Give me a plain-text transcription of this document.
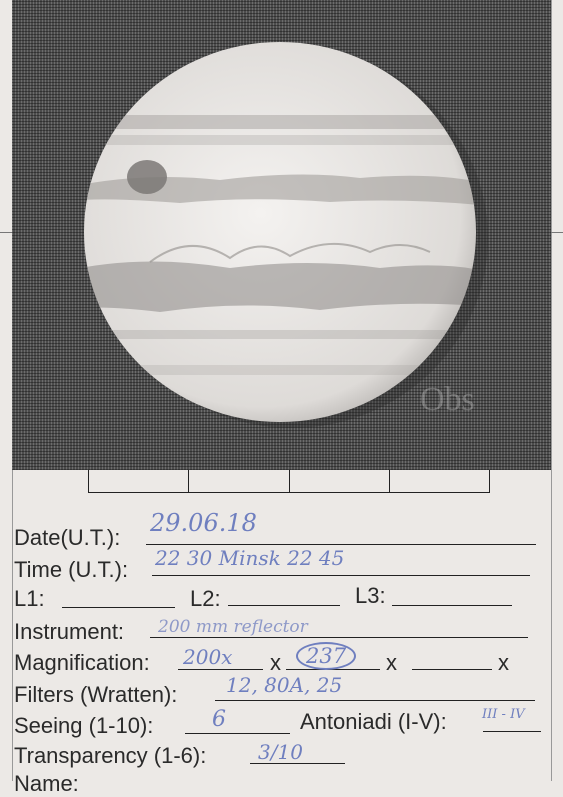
Obs
Date(U.T.):
29.06.18
Time (U.T.): 22 30 Minsk 22 45
L1:	L2:	L3:
Instrument: 200 mm reflector
Magnification: 200x x	237	x	x
Filters (Wratten): 12, 80A, 25
Seeing (1-10):	6	Antoniadi (I-V):	III - IV
Transparency (1-6):	3/10
Name:
